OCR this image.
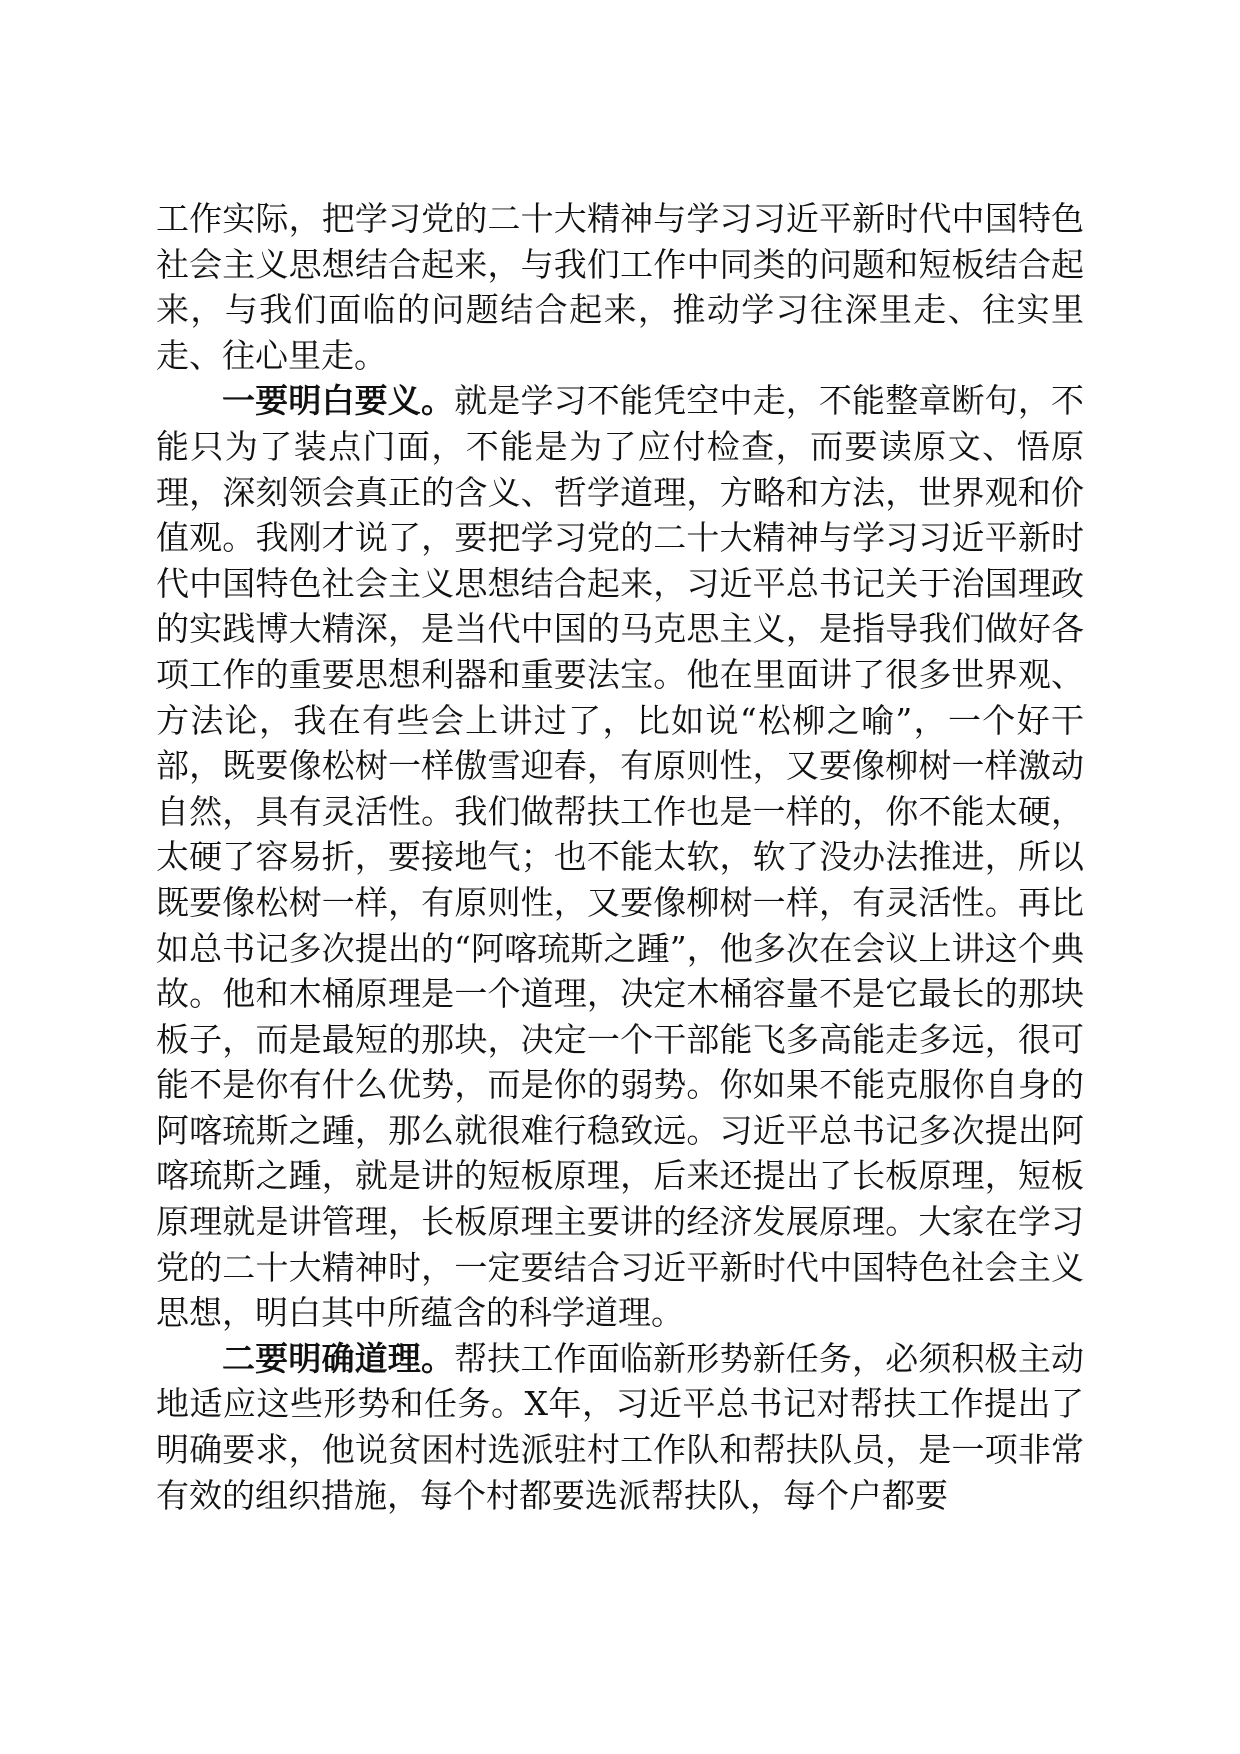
工作实际，把学习党的二十大精神与学习习近平新时代中国特色社会主义思想结合起来，与我们工作中同类的问题和短板结合起来，与我们面临的问题结合起来，推动学习往深里走、往实里走、往心里走。

一要明白要义。就是学习不能凭空中走，不能整章断句，不能只为了装点门面，不能是为了应付检查，而要读原文、悟原理，深刻领会真正的含义、哲学道理，方略和方法，世界观和价值观。我刚才说了，要把学习党的二十大精神与学习习近平新时代中国特色社会主义思想结合起来，习近平总书记关于治国理政的实践博大精深，是当代中国的马克思主义，是指导我们做好各项工作的重要思想利器和重要法宝。他在里面讲了很多世界观、方法论，我在有些会上讲过了，比如说“松柳之喻”，一个好干部，既要像松树一样傲雪迎春，有原则性，又要像柳树一样激动自然，具有灵活性。我们做帮扶工作也是一样的，你不能太硬，太硬了容易折，要接地气；也不能太软，软了没办法推进，所以既要像松树一样，有原则性，又要像柳树一样，有灵活性。再比如总书记多次提出的“阿喀琉斯之踵”，他多次在会议上讲这个典故。他和木桶原理是一个道理，决定木桶容量不是它最长的那块板子，而是最短的那块，决定一个干部能飞多高能走多远，很可能不是你有什么优势，而是你的弱势。你如果不能克服你自身的阿喀琉斯之踵，那么就很难行稳致远。习近平总书记多次提出阿喀琉斯之踵，就是讲的短板原理，后来还提出了长板原理，短板原理就是讲管理，长板原理主要讲的经济发展原理。大家在学习党的二十大精神时，一定要结合习近平新时代中国特色社会主义思想，明白其中所蕴含的科学道理。

二要明确道理。帮扶工作面临新形势新任务，必须积极主动地适应这些形势和任务。X年，习近平总书记对帮扶工作提出了明确要求，他说贫困村选派驻村工作队和帮扶队员，是一项非常有效的组织措施，每个村都要选派帮扶队，每个户都要
